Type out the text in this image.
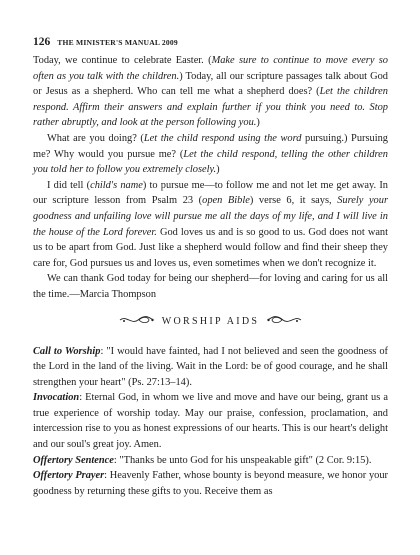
126 THE MINISTER'S MANUAL 2009

Today, we continue to celebrate Easter. (Make sure to continue to move every so often as you talk with the children.) Today, all our scripture passages talk about God or Jesus as a shepherd. Who can tell me what a shepherd does? (Let the children respond. Affirm their answers and explain further if you think you need to. Stop rather abruptly, and look at the person following you.)

What are you doing? (Let the child respond using the word pursuing.) Pursuing me? Why would you pursue me? (Let the child respond, telling the other children you told her to follow you extremely closely.)

I did tell (child's name) to pursue me—to follow me and not let me get away. In our scripture lesson from Psalm 23 (open Bible) verse 6, it says, Surely your goodness and unfailing love will pursue me all the days of my life, and I will live in the house of the Lord forever. God loves us and is so good to us. God does not want us to be apart from God. Just like a shepherd would follow and find their sheep they care for, God pursues us and loves us, even sometimes when we don't recognize it.

We can thank God today for being our shepherd—for loving and caring for us all the time.—Marcia Thompson

WORSHIP AIDS

Call to Worship: "I would have fainted, had I not believed and seen the goodness of the Lord in the land of the living. Wait in the Lord: be of good courage, and he shall strengthen your heart" (Ps. 27:13–14).

Invocation: Eternal God, in whom we live and move and have our being, grant us a true experience of worship today. May our praise, confession, proclamation, and intercession rise to you as honest expressions of our hearts. This is our heart's delight and our soul's great joy. Amen.

Offertory Sentence: "Thanks be unto God for his unspeakable gift" (2 Cor. 9:15).

Offertory Prayer: Heavenly Father, whose bounty is beyond measure, we honor your goodness by returning these gifts to you. Receive them as
